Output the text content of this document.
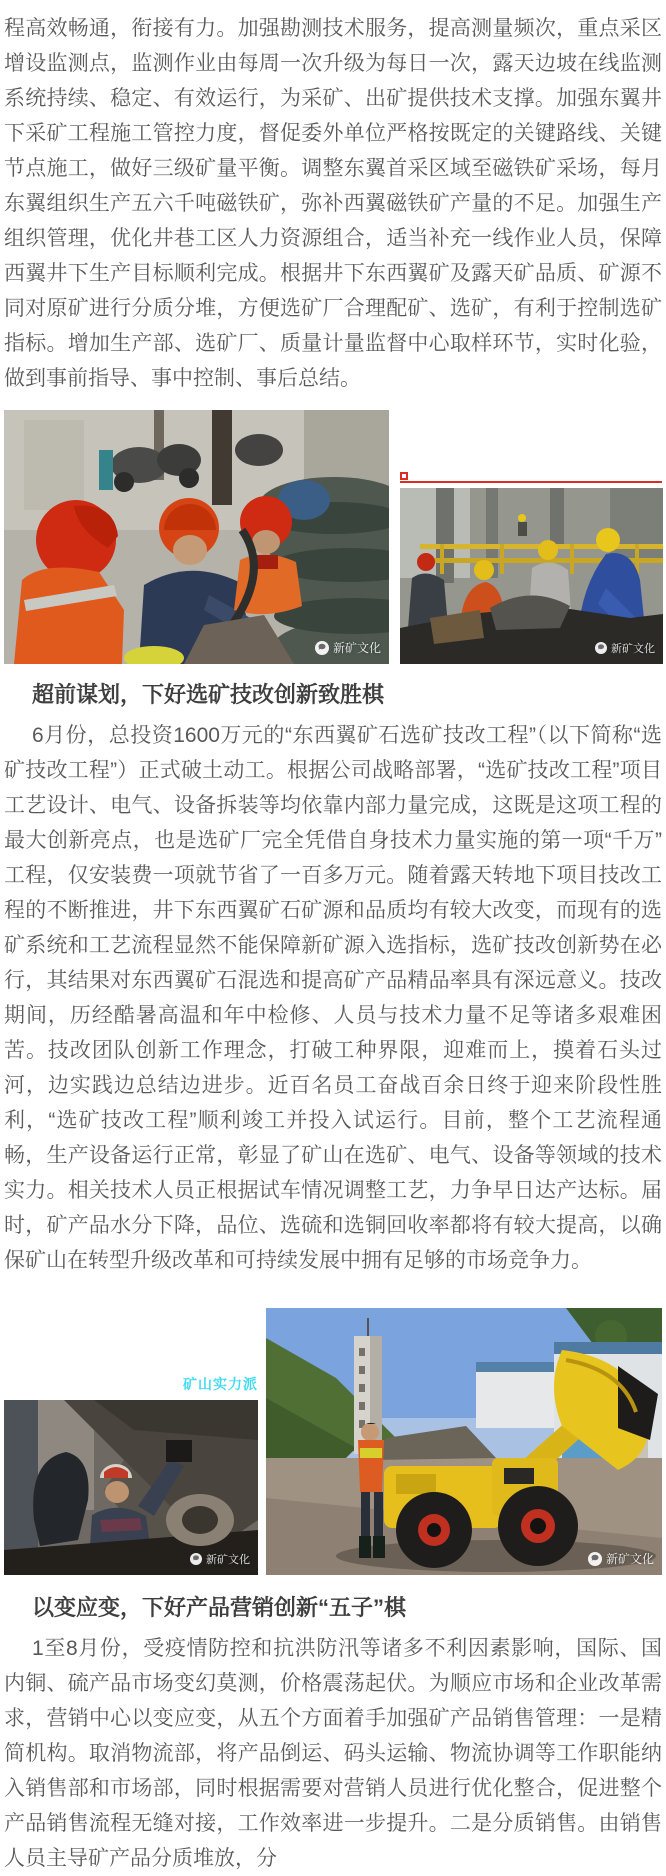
程高效畅通，衔接有力。加强勘测技术服务，提高测量频次，重点采区增设监测点，监测作业由每周一次升级为每日一次，露天边坡在线监测系统持续、稳定、有效运行，为采矿、出矿提供技术支撑。加强东翼井下采矿工程施工管控力度，督促委外单位严格按既定的关键路线、关键节点施工，做好三级矿量平衡。调整东翼首采区域至磁铁矿采场，每月东翼组织生产五六千吨磁铁矿，弥补西翼磁铁矿产量的不足。加强生产组织管理，优化井巷工区人力资源组合，适当补充一线作业人员，保障西翼井下生产目标顺利完成。根据井下东西翼矿及露天矿品质、矿源不同对原矿进行分质分堆，方便选矿厂合理配矿、选矿，有利于控制选矿指标。增加生产部、选矿厂、质量计量监督中心取样环节，实时化验，做到事前指导、事中控制、事后总结。

新矿文化	新矿文化
超前谋划，下好选矿技改创新致胜棋

6月份，总投资1600万元的“东西翼矿石选矿技改工程”（以下简称“选矿技改工程”）正式破土动工。根据公司战略部署，“选矿技改工程”项目工艺设计、电气、设备拆装等均依靠内部力量完成，这既是这项工程的最大创新亮点，也是选矿厂完全凭借自身技术力量实施的第一项“千万”工程，仅安装费一项就节省了一百多万元。随着露天转地下项目技改工程的不断推进，井下东西翼矿石矿源和品质均有较大改变，而现有的选矿系统和工艺流程显然不能保障新矿源入选指标，选矿技改创新势在必行，其结果对东西翼矿石混选和提高矿产品精品率具有深远意义。技改期间，历经酷暑高温和年中检修、人员与技术力量不足等诸多艰难困苦。技改团队创新工作理念，打破工种界限，迎难而上，摸着石头过河，边实践边总结边进步。近百名员工奋战百余日终于迎来阶段性胜利，“选矿技改工程”顺利竣工并投入试运行。目前，整个工艺流程通畅，生产设备运行正常，彰显了矿山在选矿、电气、设备等领域的技术实力。相关技术人员正根据试车情况调整工艺，力争早日达产达标。届时，矿产品水分下降，品位、选硫和选铜回收率都将有较大提高，以确保矿山在转型升级改革和可持续发展中拥有足够的市场竞争力。

矿山实力派
新矿文化	新矿文化
以变应变，下好产品营销创新“五子”棋

1至8月份，受疫情防控和抗洪防汛等诸多不利因素影响，国际、国内铜、硫产品市场变幻莫测，价格震荡起伏。为顺应市场和企业改革需求，营销中心以变应变，从五个方面着手加强矿产品销售管理：一是精简机构。取消物流部，将产品倒运、码头运输、物流协调等工作职能纳入销售部和市场部，同时根据需要对营销人员进行优化整合，促进整个产品销售流程无缝对接，工作效率进一步提升。二是分质销售。由销售人员主导矿产品分质堆放，分
